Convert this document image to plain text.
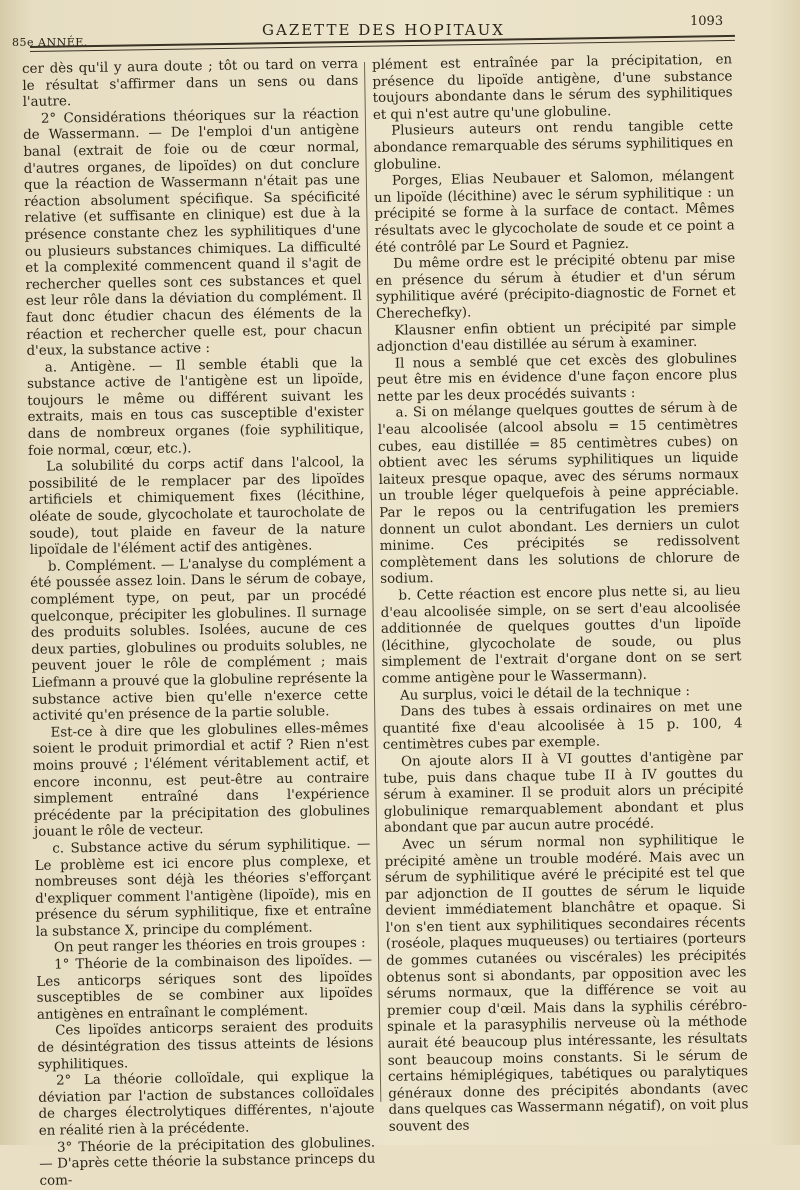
85e ANNÉE.
GAZETTE DES HOPITAUX	1093

cer dès qu'il y aura doute ; tôt ou tard on verra le résultat s'affirmer dans un sens ou dans l'autre.

2° Considérations théoriques sur la réaction de Wassermann. — De l'emploi d'un antigène banal (extrait de foie ou de cœur normal, d'autres organes, de lipoïdes) on dut conclure que la réaction de Wassermann n'était pas une réaction absolument spécifique. Sa spécificité relative (et suffisante en clinique) est due à la présence constante chez les syphilitiques d'une ou plusieurs substances chimiques. La difficulté et la complexité commencent quand il s'agit de rechercher quelles sont ces substances et quel est leur rôle dans la déviation du complément. Il faut donc étudier chacun des éléments de la réaction et rechercher quelle est, pour chacun d'eux, la substance active :

a. Antigène. — Il semble établi que la substance active de l'antigène est un lipoïde, toujours le même ou différent suivant les extraits, mais en tous cas susceptible d'exister dans de nombreux organes (foie syphilitique, foie normal, cœur, etc.).

La solubilité du corps actif dans l'alcool, la possibilité de le remplacer par des lipoïdes artificiels et chimiquement fixes (lécithine, oléate de soude, glycocholate et taurocholate de soude), tout plaide en faveur de la nature lipoïdale de l'élément actif des antigènes.

b. Complément. — L'analyse du complément a été poussée assez loin. Dans le sérum de cobaye, complément type, on peut, par un procédé quelconque, précipiter les globulines. Il surnage des produits solubles. Isolées, aucune de ces deux parties, globulines ou produits solubles, ne peuvent jouer le rôle de complément ; mais Liefmann a prouvé que la globuline représente la substance active bien qu'elle n'exerce cette activité qu'en présence de la partie soluble.

Est-ce à dire que les globulines elles-mêmes soient le produit primordial et actif ? Rien n'est moins prouvé ; l'élément véritablement actif, et encore inconnu, est peut-être au contraire simplement entraîné dans l'expérience précédente par la précipitation des globulines jouant le rôle de vecteur.

c. Substance active du sérum syphilitique. — Le problème est ici encore plus complexe, et nombreuses sont déjà les théories s'efforçant d'expliquer comment l'antigène (lipoïde), mis en présence du sérum syphilitique, fixe et entraîne la substance X, principe du complément.

On peut ranger les théories en trois groupes :

1° Théorie de la combinaison des lipoïdes. — Les anticorps sériques sont des lipoïdes susceptibles de se combiner aux lipoïdes antigènes en entraînant le complément.

Ces lipoïdes anticorps seraient des produits de désintégration des tissus atteints de lésions syphilitiques.

2° La théorie colloïdale, qui explique la déviation par l'action de substances colloïdales de charges électrolytiques différentes, n'ajoute en réalité rien à la précédente.

3° Théorie de la précipitation des globulines. — D'après cette théorie la substance princeps du com-

plément est entraînée par la précipitation, en présence du lipoïde antigène, d'une substance toujours abondante dans le sérum des syphilitiques et qui n'est autre qu'une globuline.

Plusieurs auteurs ont rendu tangible cette abondance remarquable des sérums syphilitiques en globuline.

Porges, Elias Neubauer et Salomon, mélangent un lipoïde (lécithine) avec le sérum syphilitique : un précipité se forme à la surface de contact. Mêmes résultats avec le glycocholate de soude et ce point a été contrôlé par Le Sourd et Pagniez.

Du même ordre est le précipité obtenu par mise en présence du sérum à étudier et d'un sérum syphilitique avéré (précipito-diagnostic de Fornet et Cherechefky).

Klausner enfin obtient un précipité par simple adjonction d'eau distillée au sérum à examiner.

Il nous a semblé que cet excès des globulines peut être mis en évidence d'une façon encore plus nette par les deux procédés suivants :

a. Si on mélange quelques gouttes de sérum à de l'eau alcoolisée (alcool absolu = 15 centimètres cubes, eau distillée = 85 centimètres cubes) on obtient avec les sérums syphilitiques un liquide laiteux presque opaque, avec des sérums normaux un trouble léger quelquefois à peine appréciable. Par le repos ou la centrifugation les premiers donnent un culot abondant. Les derniers un culot minime. Ces précipités se redissolvent complètement dans les solutions de chlorure de sodium.

b. Cette réaction est encore plus nette si, au lieu d'eau alcoolisée simple, on se sert d'eau alcoolisée additionnée de quelques gouttes d'un lipoïde (lécithine, glycocholate de soude, ou plus simplement de l'extrait d'organe dont on se sert comme antigène pour le Wassermann).

Au surplus, voici le détail de la technique :

Dans des tubes à essais ordinaires on met une quantité fixe d'eau alcoolisée à 15 p. 100, 4 centimètres cubes par exemple.

On ajoute alors II à VI gouttes d'antigène par tube, puis dans chaque tube II à IV gouttes du sérum à examiner. Il se produit alors un précipité globulinique remarquablement abondant et plus abondant que par aucun autre procédé.

Avec un sérum normal non syphilitique le précipité amène un trouble modéré. Mais avec un sérum de syphilitique avéré le précipité est tel que par adjonction de II gouttes de sérum le liquide devient immédiatement blanchâtre et opaque. Si l'on s'en tient aux syphilitiques secondaires récents (roséole, plaques muqueuses) ou tertiaires (porteurs de gommes cutanées ou viscérales) les précipités obtenus sont si abondants, par opposition avec les sérums normaux, que la différence se voit au premier coup d'œil. Mais dans la syphilis cérébro-spinale et la parasyphilis nerveuse où la méthode aurait été beaucoup plus intéressante, les résultats sont beaucoup moins constants. Si le sérum de certains hémiplégiques, tabétiques ou paralytiques généraux donne des précipités abondants (avec dans quelques cas Wassermann négatif), on voit plus souvent des
